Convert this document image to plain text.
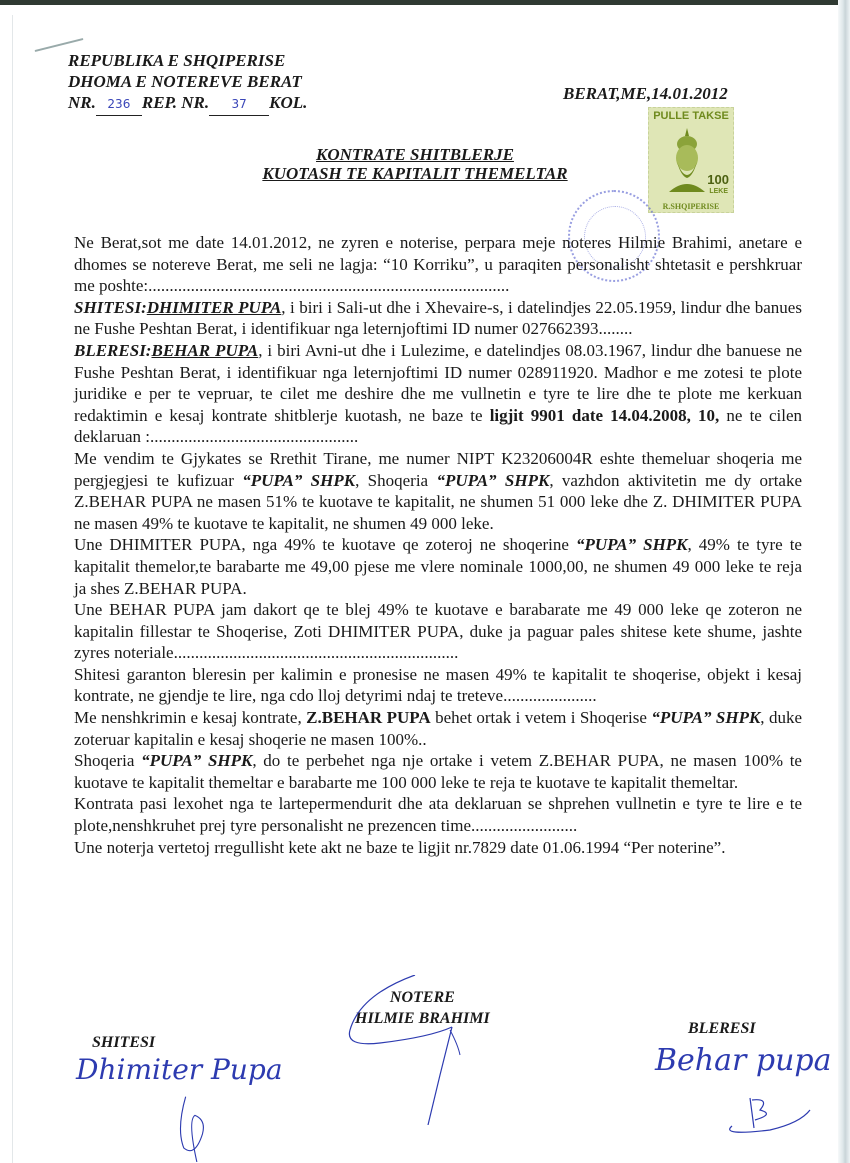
REPUBLIKA E SHQIPERISE
DHOMA E NOTEREVE BERAT
NR. 236 REP. NR. 37 KOL.	BERAT,ME,14.01.2012
PULLE TAKSE
100
LEKE
R.SHQIPERISE
KONTRATE SHITBLERJE
KUOTASH TE KAPITALIT THEMELTAR

Ne Berat,sot me date 14.01.2012, ne zyren e noterise, perpara meje noteres Hilmie Brahimi, anetare e dhomes se notereve Berat, me seli ne lagja: “10 Korriku”, u paraqiten personalisht shtetasit e pershkruar me poshte:.....................................................................................

SHITESI:DHIMITER PUPA, i biri i Sali-ut dhe i Xhevaire-s, i datelindjes 22.05.1959, lindur dhe banues ne Fushe Peshtan Berat, i identifikuar nga leternjoftimi ID numer 027662393........

BLERESI:BEHAR PUPA, i biri Avni-ut dhe i Lulezime, e datelindjes 08.03.1967, lindur dhe banuese ne Fushe Peshtan Berat, i identifikuar nga leternjoftimi ID numer 028911920. Madhor e me zotesi te plote juridike e per te vepruar, te cilet me deshire dhe me vullnetin e tyre te lire dhe te plote me kerkuan redaktimin e kesaj kontrate shitblerje kuotash, ne baze te ligjit 9901 date 14.04.2008, 10, ne te cilen deklaruan :.................................................

Me vendim te Gjykates se Rrethit Tirane, me numer NIPT K23206004R eshte themeluar shoqeria me pergjegjesi te kufizuar “PUPA” SHPK, Shoqeria “PUPA” SHPK, vazhdon aktivitetin me dy ortake Z.BEHAR PUPA ne masen 51% te kuotave te kapitalit, ne shumen 51 000 leke dhe Z. DHIMITER PUPA ne masen 49% te kuotave te kapitalit, ne shumen 49 000 leke.

Une DHIMITER PUPA, nga 49% te kuotave qe zoteroj ne shoqerine “PUPA” SHPK, 49% te tyre te kapitalit themelor,te barabarte me 49,00 pjese me vlere nominale 1000,00, ne shumen 49 000 leke te reja ja shes Z.BEHAR PUPA.

Une BEHAR PUPA jam dakort qe te blej 49% te kuotave e barabarate me 49 000 leke qe zoteron ne kapitalin fillestar te Shoqerise, Zoti DHIMITER PUPA, duke ja paguar pales shitese kete shume, jashte zyres noteriale...................................................................

Shitesi garanton bleresin per kalimin e pronesise ne masen 49% te kapitalit te shoqerise, objekt i kesaj kontrate, ne gjendje te lire, nga cdo lloj detyrimi ndaj te treteve......................

Me nenshkrimin e kesaj kontrate, Z.BEHAR PUPA behet ortak i vetem i Shoqerise “PUPA” SHPK, duke zoteruar kapitalin e kesaj shoqerie ne masen 100%..

Shoqeria “PUPA” SHPK, do te perbehet nga nje ortake i vetem Z.BEHAR PUPA, ne masen 100% te kuotave te kapitalit themeltar e barabarte me 100 000 leke te reja te kuotave te kapitalit themeltar.

Kontrata pasi lexohet nga te lartepermendurit dhe ata deklaruan se shprehen vullnetin e tyre te lire e te plote,nenshkruhet prej tyre personalisht ne prezencen time.........................

Une noterja vertetoj rregullisht kete akt ne baze te ligjit nr.7829 date 01.06.1994 “Per noterine”.

NOTERE
HILMIE BRAHIMI
SHITESI
Dhimiter Pupa
BLERESI
Behar pupa
